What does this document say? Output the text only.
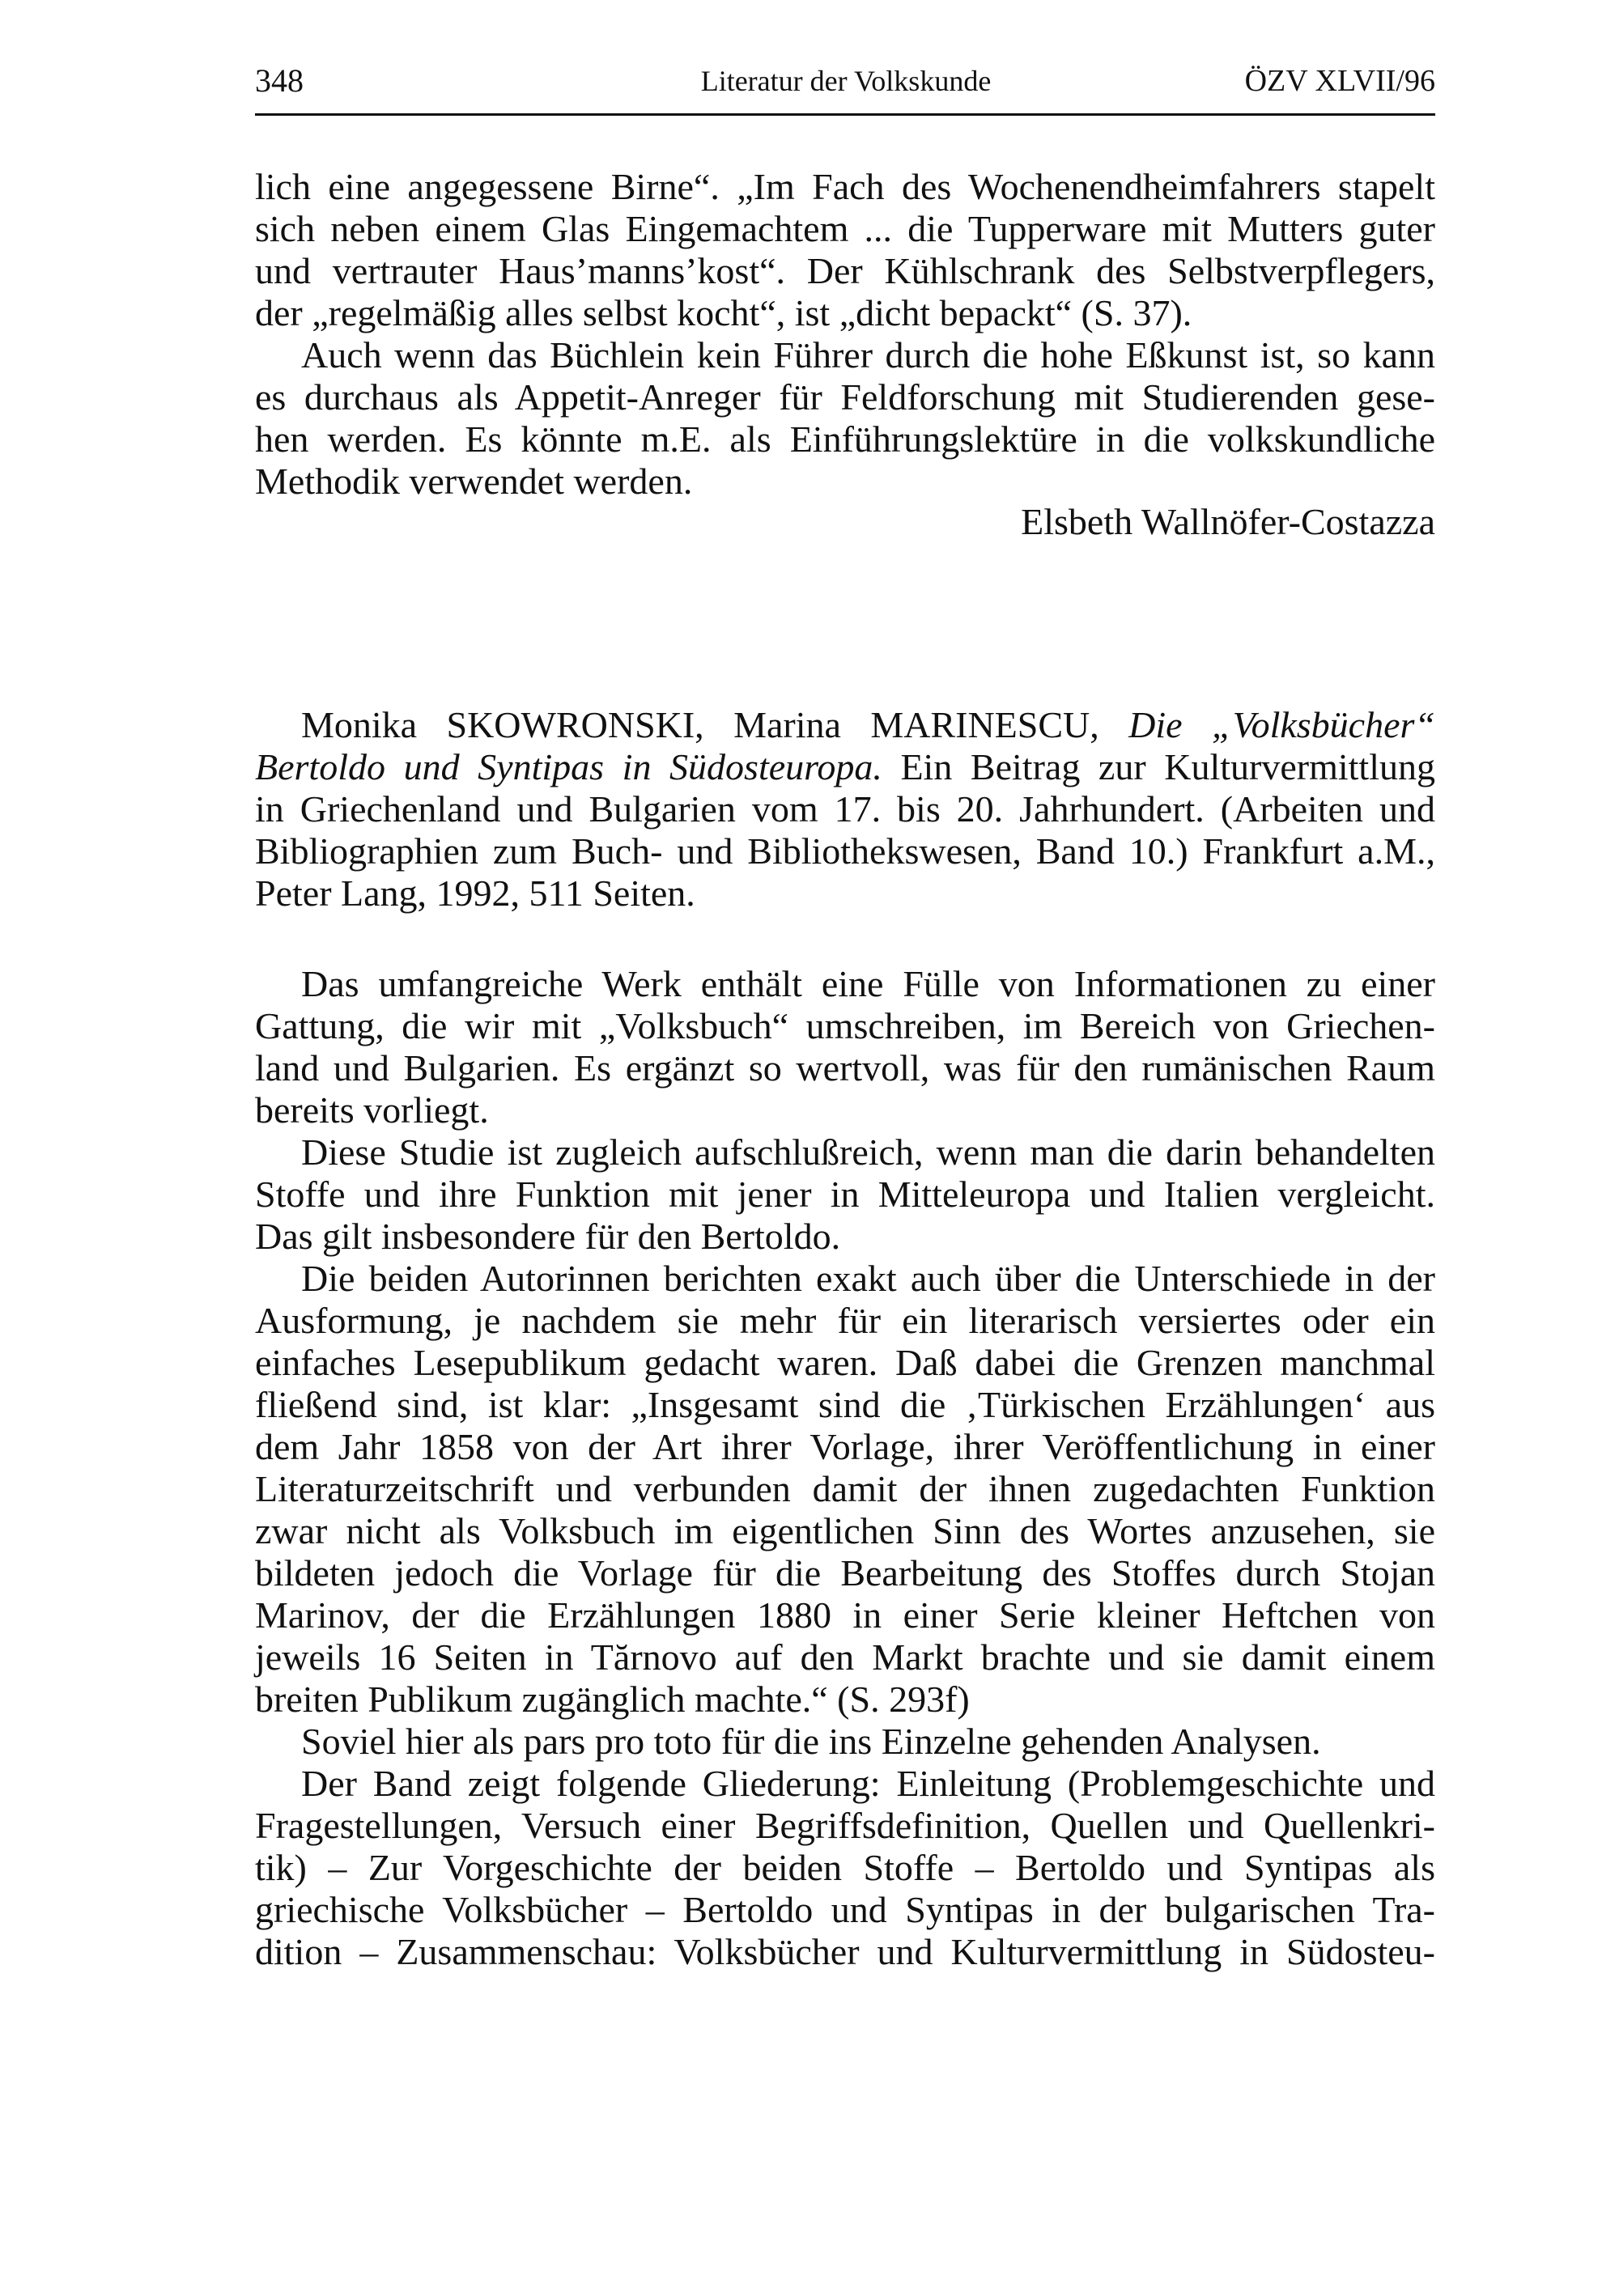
348	Literatur der Volkskunde	ÖZV XLVII/96
lich eine angegessene Birne“. „Im Fach des Wochenendheimfahrers stapelt
sich neben einem Glas Eingemachtem ... die Tupperware mit Mutters guter
und vertrauter Haus’manns’kost“. Der Kühlschrank des Selbstverpflegers,
der „regelmäßig alles selbst kocht“, ist „dicht bepackt“ (S. 37).
Auch wenn das Büchlein kein Führer durch die hohe Eßkunst ist, so kann
es durchaus als Appetit-Anreger für Feldforschung mit Studierenden gese-
hen werden. Es könnte m.E. als Einführungslektüre in die volkskundliche
Methodik verwendet werden.
Elsbeth Wallnöfer-Costazza
Monika SKOWRONSKI, Marina MARINESCU, Die „Volksbücher“
Bertoldo und Syntipas in Südosteuropa. Ein Beitrag zur Kulturvermittlung
in Griechenland und Bulgarien vom 17. bis 20. Jahrhundert. (Arbeiten und
Bibliographien zum Buch- und Bibliothekswesen, Band 10.) Frankfurt a.M.,
Peter Lang, 1992, 511 Seiten.
Das umfangreiche Werk enthält eine Fülle von Informationen zu einer
Gattung, die wir mit „Volksbuch“ umschreiben, im Bereich von Griechen-
land und Bulgarien. Es ergänzt so wertvoll, was für den rumänischen Raum
bereits vorliegt.
Diese Studie ist zugleich aufschlußreich, wenn man die darin behandelten
Stoffe und ihre Funktion mit jener in Mitteleuropa und Italien vergleicht.
Das gilt insbesondere für den Bertoldo.
Die beiden Autorinnen berichten exakt auch über die Unterschiede in der
Ausformung, je nachdem sie mehr für ein literarisch versiertes oder ein
einfaches Lesepublikum gedacht waren. Daß dabei die Grenzen manchmal
fließend sind, ist klar: „Insgesamt sind die ‚Türkischen Erzählungen‘ aus
dem Jahr 1858 von der Art ihrer Vorlage, ihrer Veröffentlichung in einer
Literaturzeitschrift und verbunden damit der ihnen zugedachten Funktion
zwar nicht als Volksbuch im eigentlichen Sinn des Wortes anzusehen, sie
bildeten jedoch die Vorlage für die Bearbeitung des Stoffes durch Stojan
Marinov, der die Erzählungen 1880 in einer Serie kleiner Heftchen von
jeweils 16 Seiten in Tărnovo auf den Markt brachte und sie damit einem
breiten Publikum zugänglich machte.“ (S. 293f)
Soviel hier als pars pro toto für die ins Einzelne gehenden Analysen.
Der Band zeigt folgende Gliederung: Einleitung (Problemgeschichte und
Fragestellungen, Versuch einer Begriffsdefinition, Quellen und Quellenkri-
tik) – Zur Vorgeschichte der beiden Stoffe – Bertoldo und Syntipas als
griechische Volksbücher – Bertoldo und Syntipas in der bulgarischen Tra-
dition – Zusammenschau: Volksbücher und Kulturvermittlung in Südosteu-
